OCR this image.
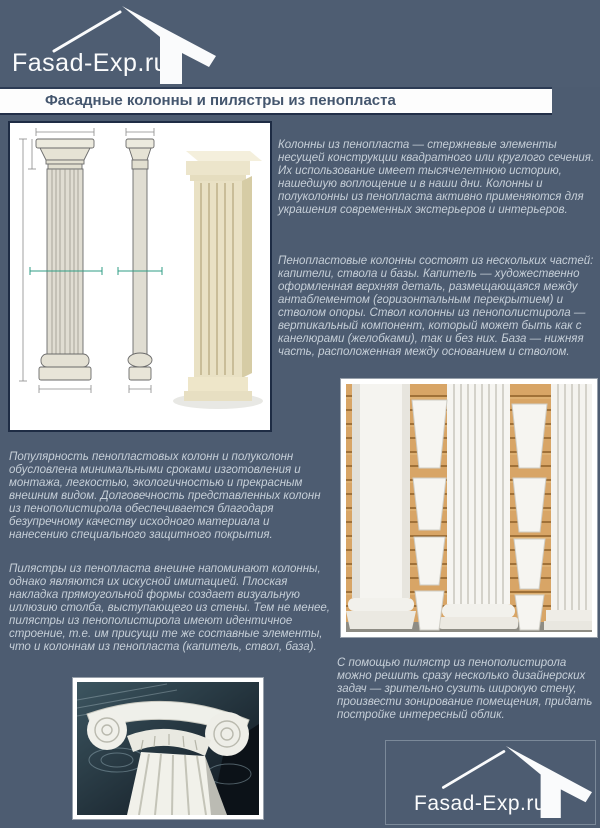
Fasad-Exp.ru
Фасадные колонны и пилястры из пенопласта

Колонны из пенопласта — стержневые элементы несущей конструкции квадратного или круглого сечения. Их использование имеет тысячелетнюю историю, нашедшую воплощение и в наши дни. Колонны и полуколонны из пенопласта активно применяются для украшения современных экстерьеров и интерьеров.

Пенопластовые колонны состоят из нескольких частей: капители, ствола и базы. Капитель — художественно оформленная верхняя деталь, размещающаяся между антаблементом (горизонтальным перекрытием) и стволом опоры. Ствол колонны из пенополистирола — вертикальный компонент, который может быть как с канелюрами (желобками), так и без них. База — нижняя часть, расположенная между основанием и стволом.

Популярность пенопластовых колонн и полуколонн обусловлена минимальными сроками изготовления и монтажа, легкостью, экологичностью и прекрасным внешним видом. Долговечность представленных колонн из пенополистирола обеспечивается благодаря безупречному качеству исходного материала и нанесению специального защитного покрытия.

Пилястры из пенопласта внешне напоминают колонны, однако являются их искусной имитацией. Плоская накладка прямоугольной формы создает визуальную иллюзию столба, выступающего из стены. Тем не менее, пилястры из пенополистирола имеют идентичное строение, т.е. им присущи те же составные элементы, что и колоннам из пенопласта (капитель, ствол, база).

С помощью пилястр из пенополистирола можно решить сразу несколько дизайнерских задач — зрительно сузить широкую стену, произвести зонирование помещения, придать постройке интересный облик.

Fasad-Exp.ru
